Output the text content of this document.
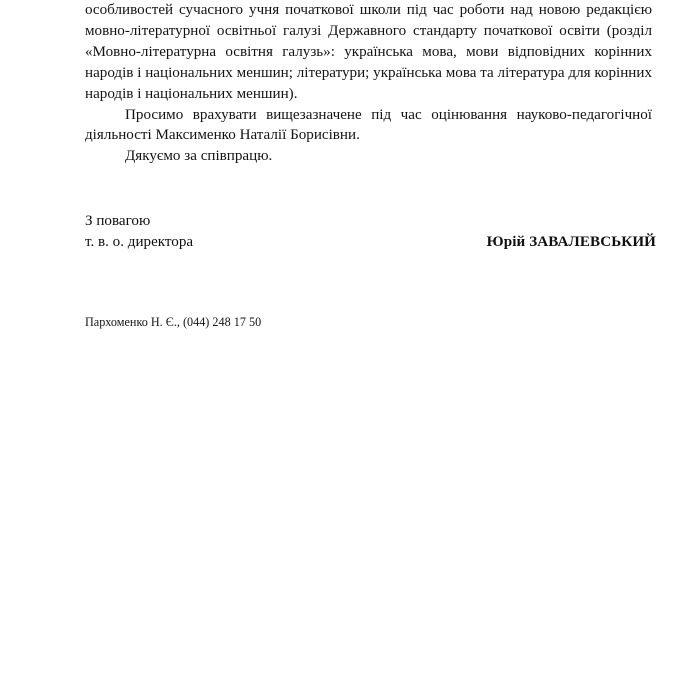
особливостей сучасного учня початкової школи під час роботи над новою редакцією мовно-літературної освітньої галузі Державного стандарту початкової освіти (розділ «Мовно-літературна освітня галузь»: українська мова, мови відповідних корінних народів і національних меншин; літератури; українська мова та література для корінних народів і національних меншин).

Просимо врахувати вищезазначене під час оцінювання науково-педагогічної діяльності Максименко Наталії Борисівни.

Дякуємо за співпрацю.

З повагою
т. в. о. директора	Юрій ЗАВАЛЕВСЬКИЙ
Пархоменко Н. Є., (044) 248 17 50
